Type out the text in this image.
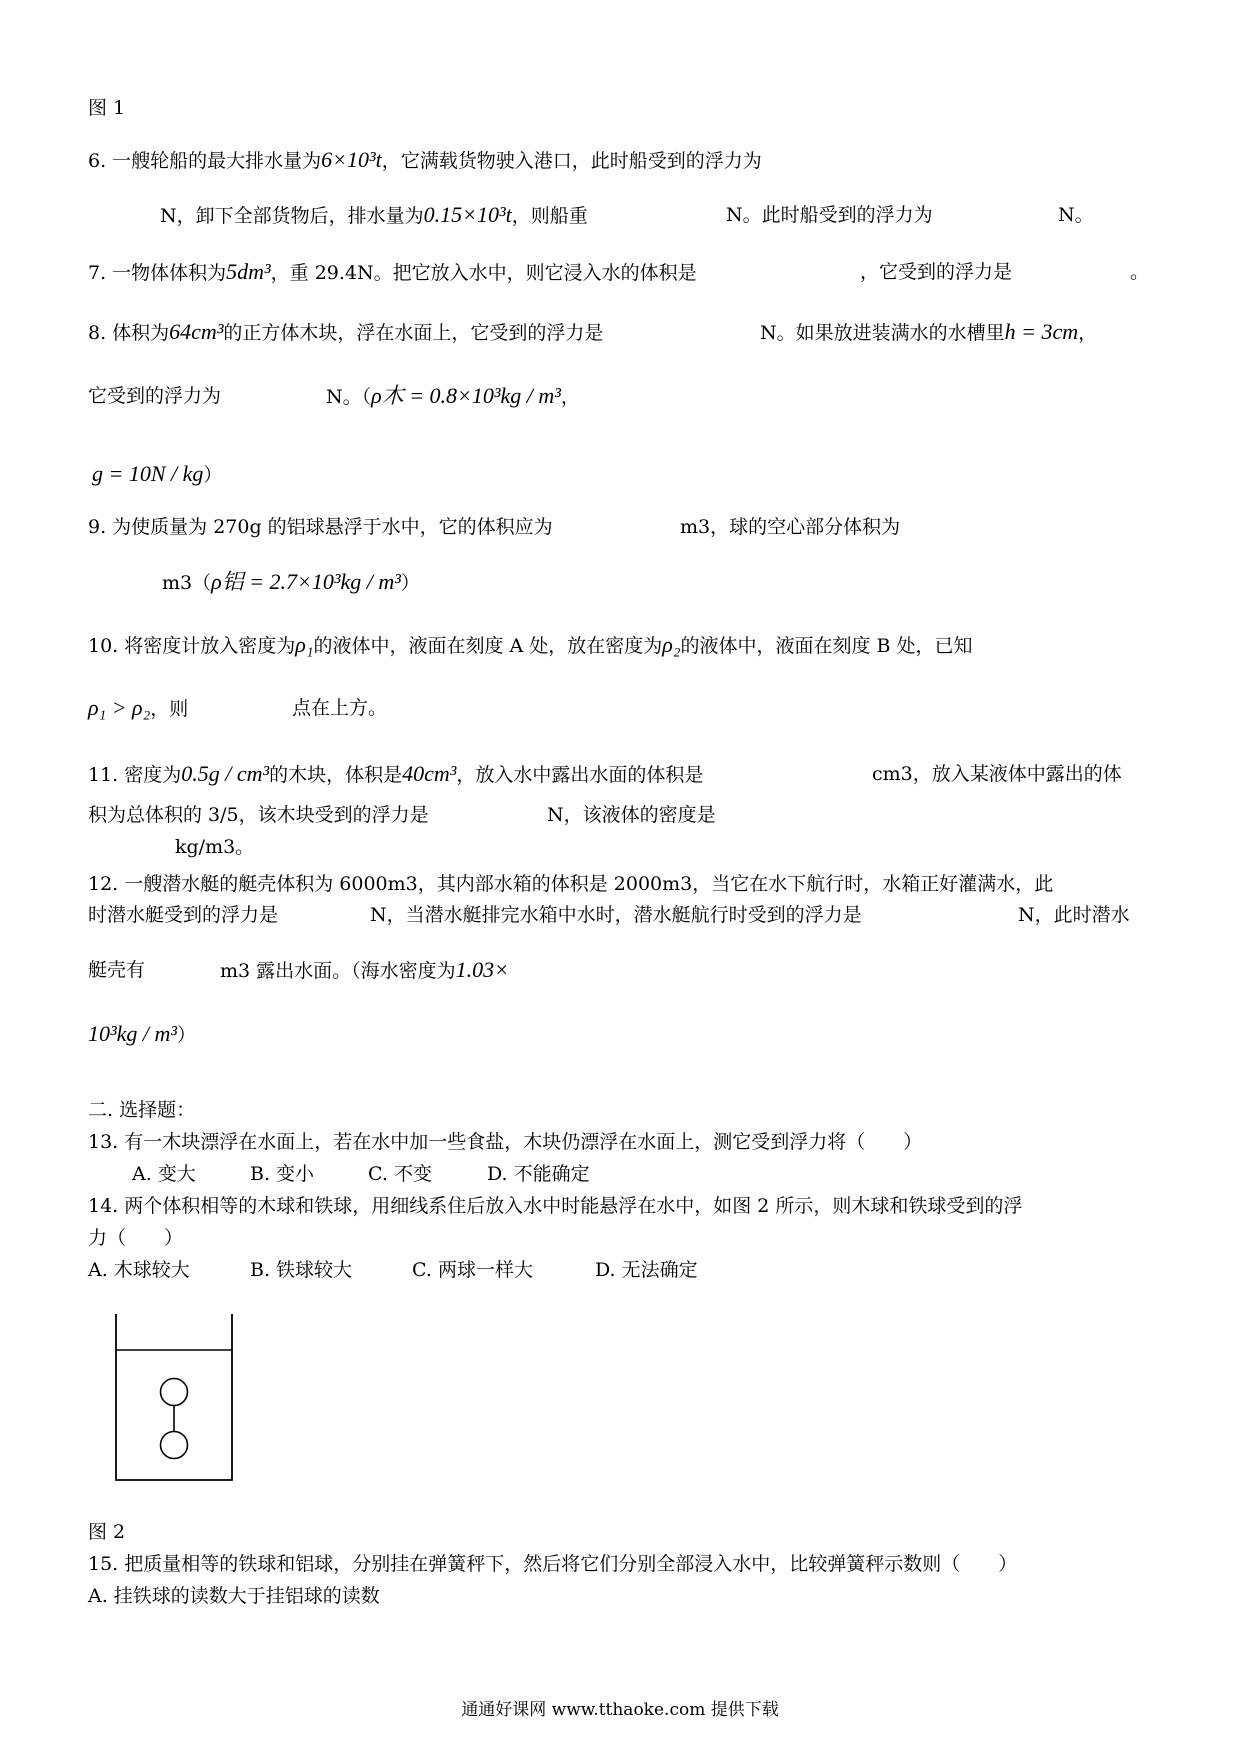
图 1
6. 一艘轮船的最大排水量为6×10³t，它满载货物驶入港口，此时船受到的浮力为
N，卸下全部货物后，排水量为0.15×10³t，则船重	N。此时船受到的浮力为	N。
7. 一物体体积为5dm³，重 29.4N。把它放入水中，则它浸入水的体积是	，它受到的浮力是	。
8. 体积为64cm³的正方体木块，浮在水面上，它受到的浮力是	N。如果放进装满水的水槽里h = 3cm，
它受到的浮力为	N。（ρ木 = 0.8×10³kg / m³，
g = 10N / kg）
9. 为使质量为 270g 的铝球悬浮于水中，它的体积应为	m3，球的空心部分体积为
m3（ρ铝 = 2.7×10³kg / m³）
10. 将密度计放入密度为ρ₁的液体中，液面在刻度 A 处，放在密度为ρ₂的液体中，液面在刻度 B 处，已知
ρ₁ > ρ₂，则	点在上方。
11. 密度为0.5g / cm³的木块，体积是40cm³，放入水中露出水面的体积是	cm3，放入某液体中露出的体
积为总体积的 3/5，该木块受到的浮力是	N，该液体的密度是
kg/m3。
12. 一艘潜水艇的艇壳体积为 6000m3，其内部水箱的体积是 2000m3，当它在水下航行时，水箱正好灌满水，此
时潜水艇受到的浮力是	N，当潜水艇排完水箱中水时，潜水艇航行时受到的浮力是	N，此时潜水
艇壳有	m3 露出水面。（海水密度为1.03×
10³kg / m³）
二. 选择题：
13. 有一木块漂浮在水面上，若在水中加一些食盐，木块仍漂浮在水面上，测它受到浮力将（　　）
A. 变大	B. 变小	C. 不变	D. 不能确定
14. 两个体积相等的木球和铁球，用细线系住后放入水中时能悬浮在水中，如图 2 所示，则木球和铁球受到的浮
力（　　）
A. 木球较大	B. 铁球较大	C. 两球一样大	D. 无法确定
图 2
15. 把质量相等的铁球和铝球，分别挂在弹簧秤下，然后将它们分别全部浸入水中，比较弹簧秤示数则（　　）
A. 挂铁球的读数大于挂铝球的读数
通通好课网 www.tthaoke.com 提供下载
